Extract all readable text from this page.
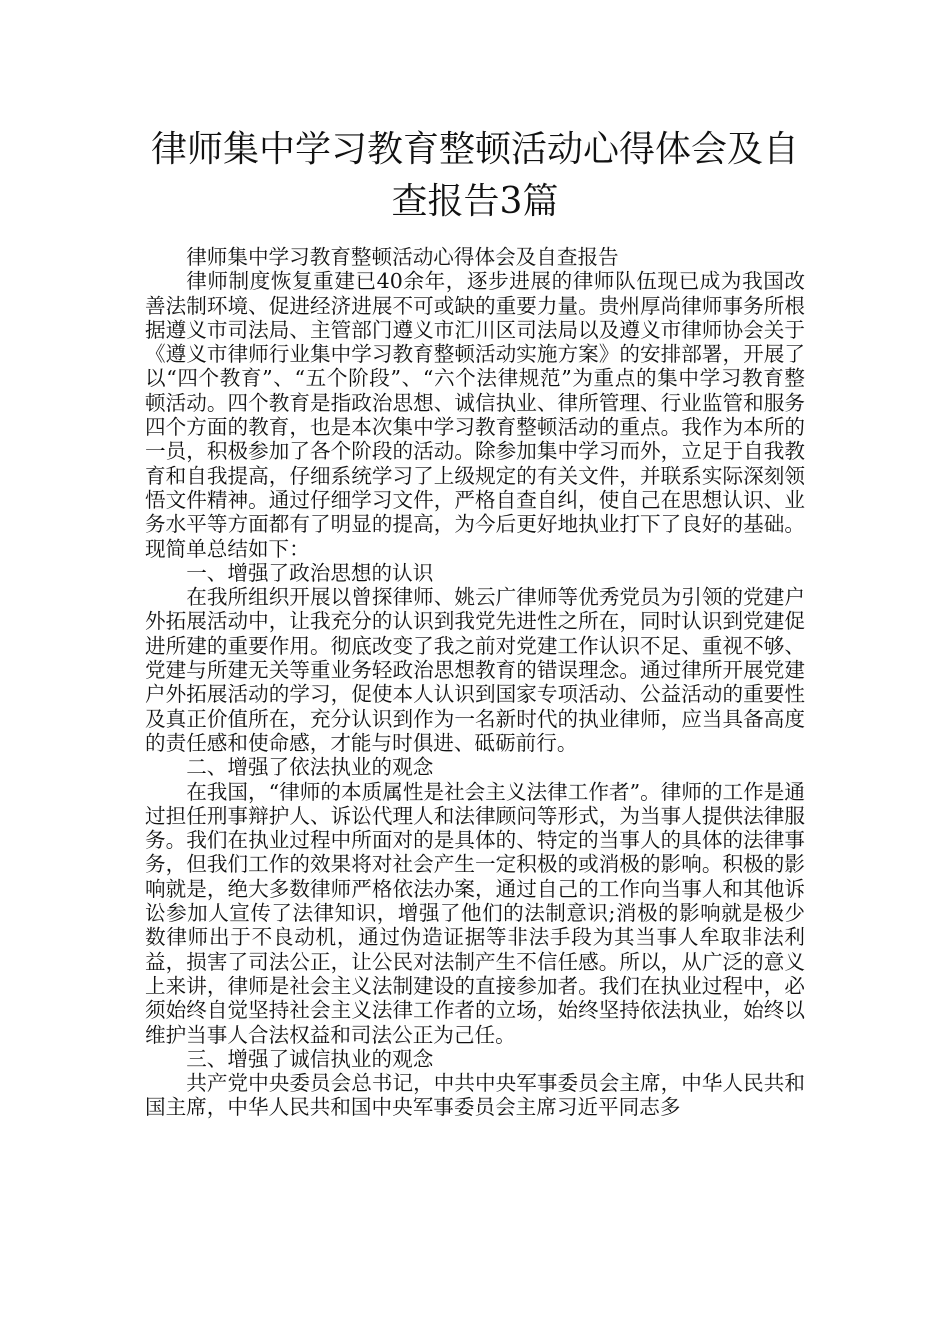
律师集中学习教育整顿活动心得体会及自查报告3篇

律师集中学习教育整顿活动心得体会及自查报告

律师制度恢复重建已40余年，逐步进展的律师队伍现已成为我国改善法制环境、促进经济进展不可或缺的重要力量。贵州厚尚律师事务所根据遵义市司法局、主管部门遵义市汇川区司法局以及遵义市律师协会关于《遵义市律师行业集中学习教育整顿活动实施方案》的安排部署，开展了以“四个教育”、“五个阶段”、“六个法律规范”为重点的集中学习教育整顿活动。四个教育是指政治思想、诚信执业、律所管理、行业监管和服务四个方面的教育，也是本次集中学习教育整顿活动的重点。我作为本所的一员，积极参加了各个阶段的活动。除参加集中学习而外，立足于自我教育和自我提高，仔细系统学习了上级规定的有关文件，并联系实际深刻领悟文件精神。通过仔细学习文件，严格自查自纠，使自己在思想认识、业务水平等方面都有了明显的提高，为今后更好地执业打下了良好的基础。现简单总结如下：

一、增强了政治思想的认识

在我所组织开展以曾探律师、姚云广律师等优秀党员为引领的党建户外拓展活动中，让我充分的认识到我党先进性之所在，同时认识到党建促进所建的重要作用。彻底改变了我之前对党建工作认识不足、重视不够、党建与所建无关等重业务轻政治思想教育的错误理念。通过律所开展党建户外拓展活动的学习，促使本人认识到国家专项活动、公益活动的重要性及真正价值所在，充分认识到作为一名新时代的执业律师，应当具备高度的责任感和使命感，才能与时俱进、砥砺前行。

二、增强了依法执业的观念

在我国，“律师的本质属性是社会主义法律工作者”。律师的工作是通过担任刑事辩护人、诉讼代理人和法律顾问等形式，为当事人提供法律服务。我们在执业过程中所面对的是具体的、特定的当事人的具体的法律事务，但我们工作的效果将对社会产生一定积极的或消极的影响。积极的影响就是，绝大多数律师严格依法办案，通过自己的工作向当事人和其他诉讼参加人宣传了法律知识，增强了他们的法制意识;消极的影响就是极少数律师出于不良动机，通过伪造证据等非法手段为其当事人牟取非法利益，损害了司法公正，让公民对法制产生不信任感。所以，从广泛的意义上来讲，律师是社会主义法制建设的直接参加者。我们在执业过程中，必须始终自觉坚持社会主义法律工作者的立场，始终坚持依法执业，始终以维护当事人合法权益和司法公正为己任。

三、增强了诚信执业的观念

共产党中央委员会总书记，中共中央军事委员会主席，中华人民共和国主席，中华人民共和国中央军事委员会主席习近平同志多
